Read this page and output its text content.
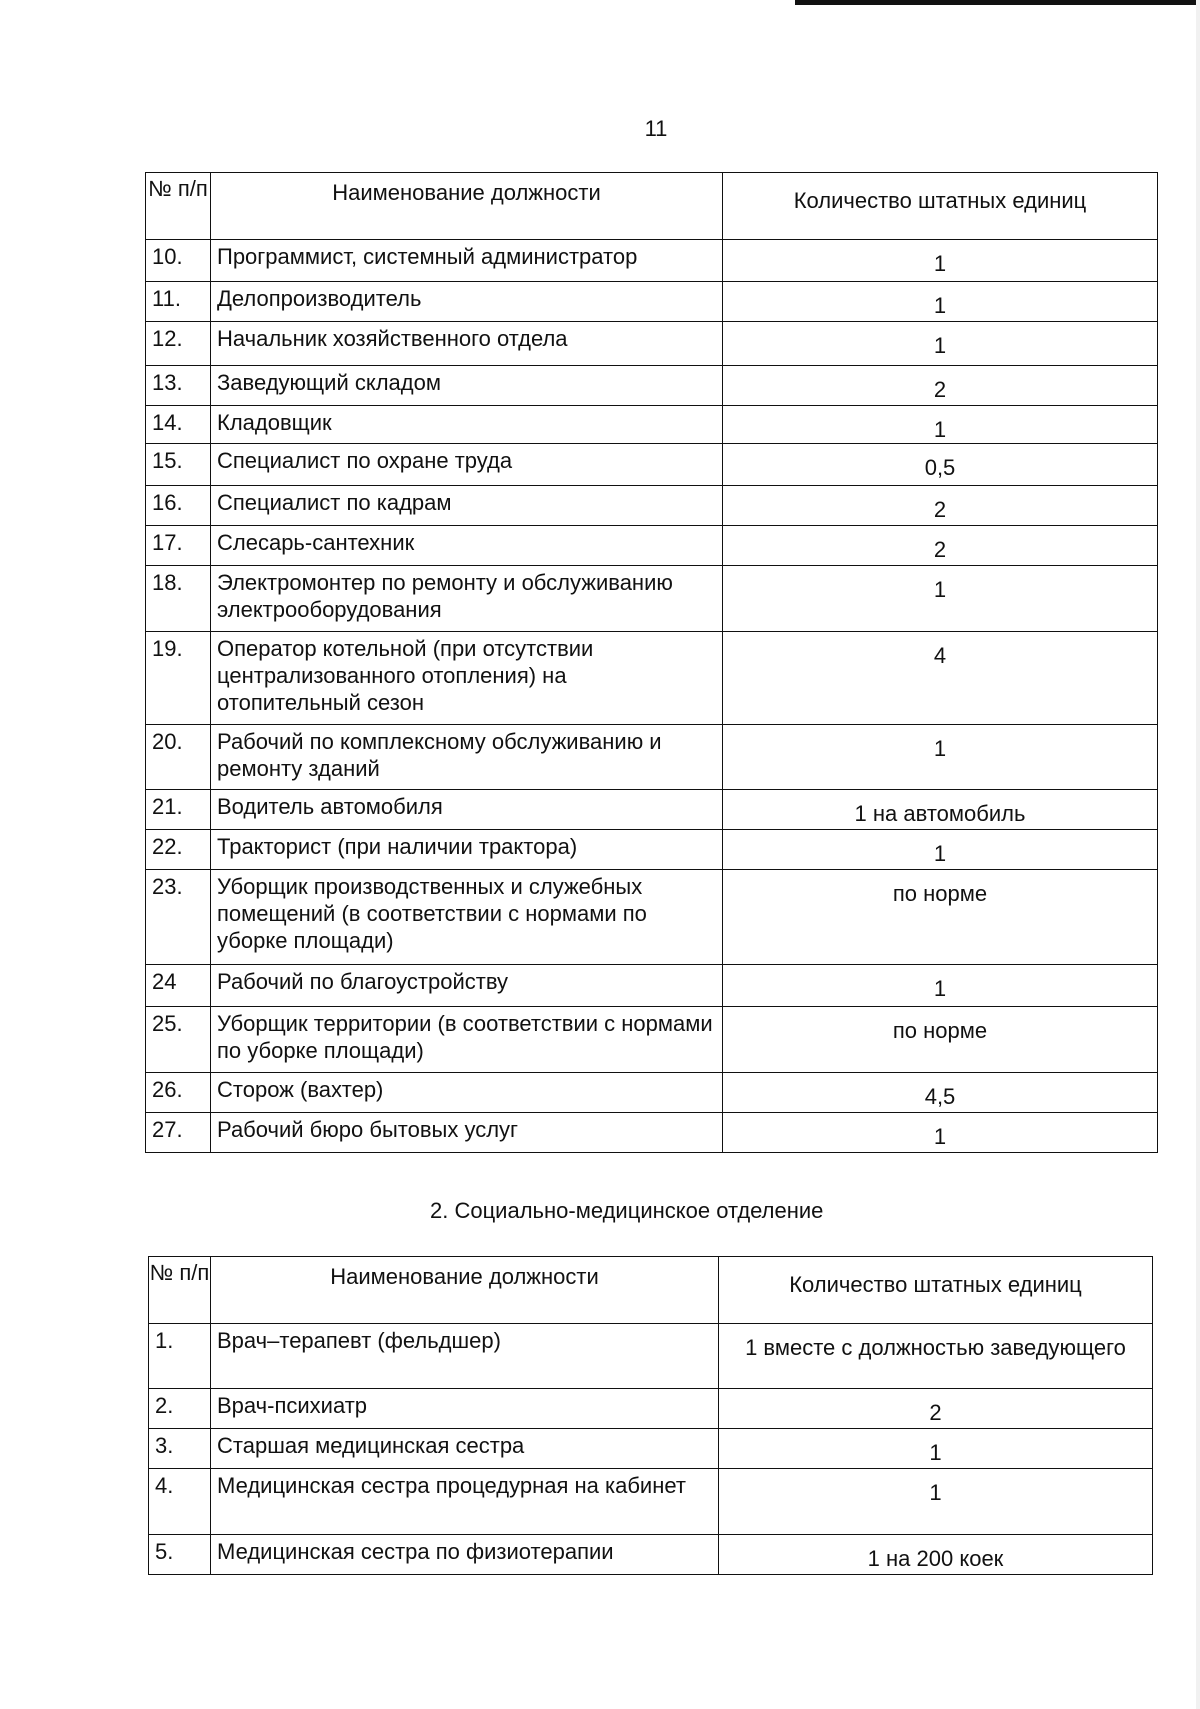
11
№ п/п	Наименование должности	Количество штатных единиц
10.	Программист, системный администратор	1
11.	Делопроизводитель	1
12.	Начальник хозяйственного отдела	1
13.	Заведующий складом	2
14.	Кладовщик	1
15.	Специалист по охране труда	0,5
16.	Специалист по кадрам	2
17.	Слесарь-сантехник	2
18.	Электромонтер по ремонту и обслуживанию электрооборудования	1
19.	Оператор котельной (при отсутствии централизованного отопления) на отопительный сезон	4
20.	Рабочий по комплексному обслуживанию и ремонту зданий	1
21.	Водитель автомобиля	1 на автомобиль
22.	Тракторист (при наличии трактора)	1
23.	Уборщик производственных и служебных помещений (в соответствии с нормами по уборке площади)	по норме
24	Рабочий по благоустройству	1
25.	Уборщик территории (в соответствии с нормами по уборке площади)	по норме
26.	Сторож (вахтер)	4,5
27.	Рабочий бюро бытовых услуг	1
2. Социально-медицинское отделение
№ п/п	Наименование должности	Количество штатных единиц
1.	Врач–терапевт (фельдшер)	1 вместе с должностью заведующего
2.	Врач-психиатр	2
3.	Старшая медицинская сестра	1
4.	Медицинская сестра процедурная на кабинет	1
5.	Медицинская сестра по физиотерапии	1 на 200 коек
